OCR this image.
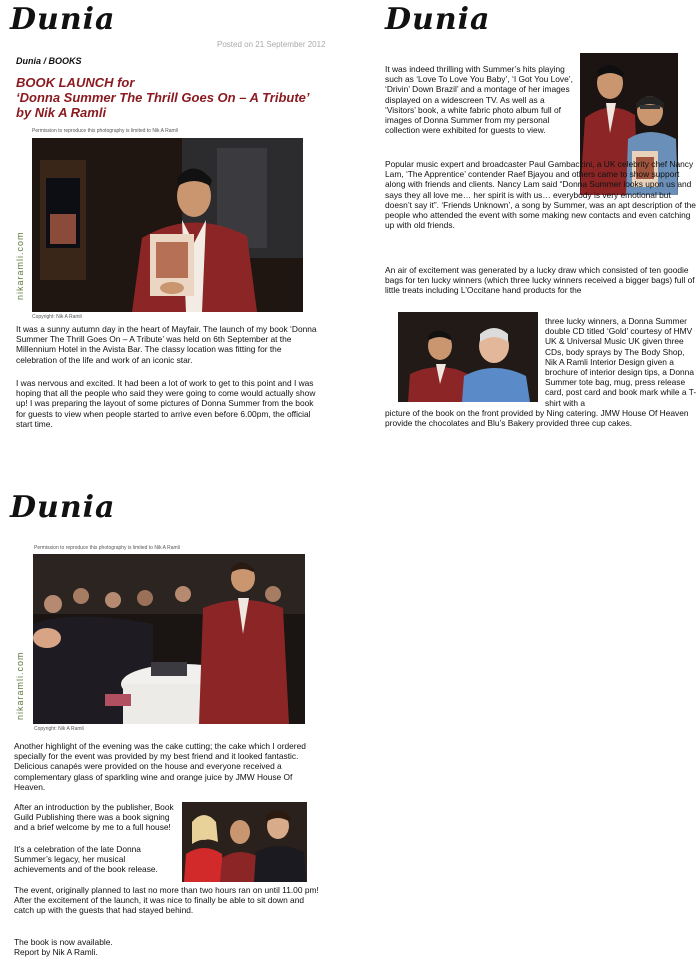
Dunia
Posted on 21 September 2012
Dunia / BOOKS
BOOK LAUNCH for
‘Donna Summer The Thrill Goes On – A Tribute’
by Nik A Ramli
Permission to reproduce this photography is limited to Nik A Ramli
nikaramli.com
Copyright: Nik A Ramli
It was a sunny autumn day in the heart of Mayfair. The launch of my book ‘Donna Summer The Thrill Goes On – A Tribute’ was held on 6th September at the Millennium Hotel in the Avista Bar. The classy location was fitting for the celebration of the life and work of an iconic star.
I was nervous and excited. It had been a lot of work to get to this point and I was hoping that all the people who said they were going to come would actually show up! I was preparing the layout of some pictures of Donna Summer from the book for guests to view when people started to arrive even before 6.00pm, the official start time.
Dunia
It was indeed thrilling with Summer’s hits playing such as ‘Love To Love You Baby’, ‘I Got You Love’, ‘Drivin’ Down Brazil’ and a montage of her images displayed on a widescreen TV. As well as a ‘Visitors’ book, a white fabric photo album full of images of Donna Summer from my personal collection were exhibited for guests to view.
Popular music expert and broadcaster Paul Gambaccini, a UK celebrity chef Nancy Lam, ‘The Apprentice’ contender Raef Bjayou and others came to show support along with friends and clients. Nancy Lam said “Donna Summer looks upon us and says they all love me… her spirit is with us… everybody is very emotional but doesn’t say it”. ‘Friends Unknown’, a song by Summer, was an apt description of the people who attended the event with some making new contacts and even catching up with old friends.
An air of excitement was generated by a lucky draw which consisted of ten goodie bags for ten lucky winners (which three lucky winners received a bigger bags) full of little treats including L’Occitane hand products for the
three lucky winners, a Donna Summer double CD titled ‘Gold’ courtesy of HMV UK & Universal Music UK given three CDs, body sprays by The Body Shop, Nik A Ramli Interior Design given a brochure of interior design tips, a Donna Summer tote bag, mug, press release card, post card and book mark while a T-shirt with a
picture of the book on the front provided by Ning catering. JMW House Of Heaven provide the chocolates and Blu’s Bakery provided three cup cakes.
Dunia
Permission to reproduce this photography is limited to Nik A Ramli
nikaramli.com
Copyright: Nik A Ramli
Another highlight of the evening was the cake cutting; the cake which I ordered specially for the event was provided by my best friend and it looked fantastic. Delicious canapés were provided on the house and everyone received a complementary glass of sparkling wine and orange juice by JMW House Of Heaven.
After an introduction by the publisher, Book Guild Publishing there was a book signing and a brief welcome by me to a full house!
It’s a celebration of the late Donna Summer’s legacy, her musical achievements and of the book release.
The event, originally planned to last no more than two hours ran on until 11.00 pm! After the excitement of the launch, it was nice to finally be able to sit down and catch up with the guests that had stayed behind.
The book is now available.
Report by Nik A Ramli.
